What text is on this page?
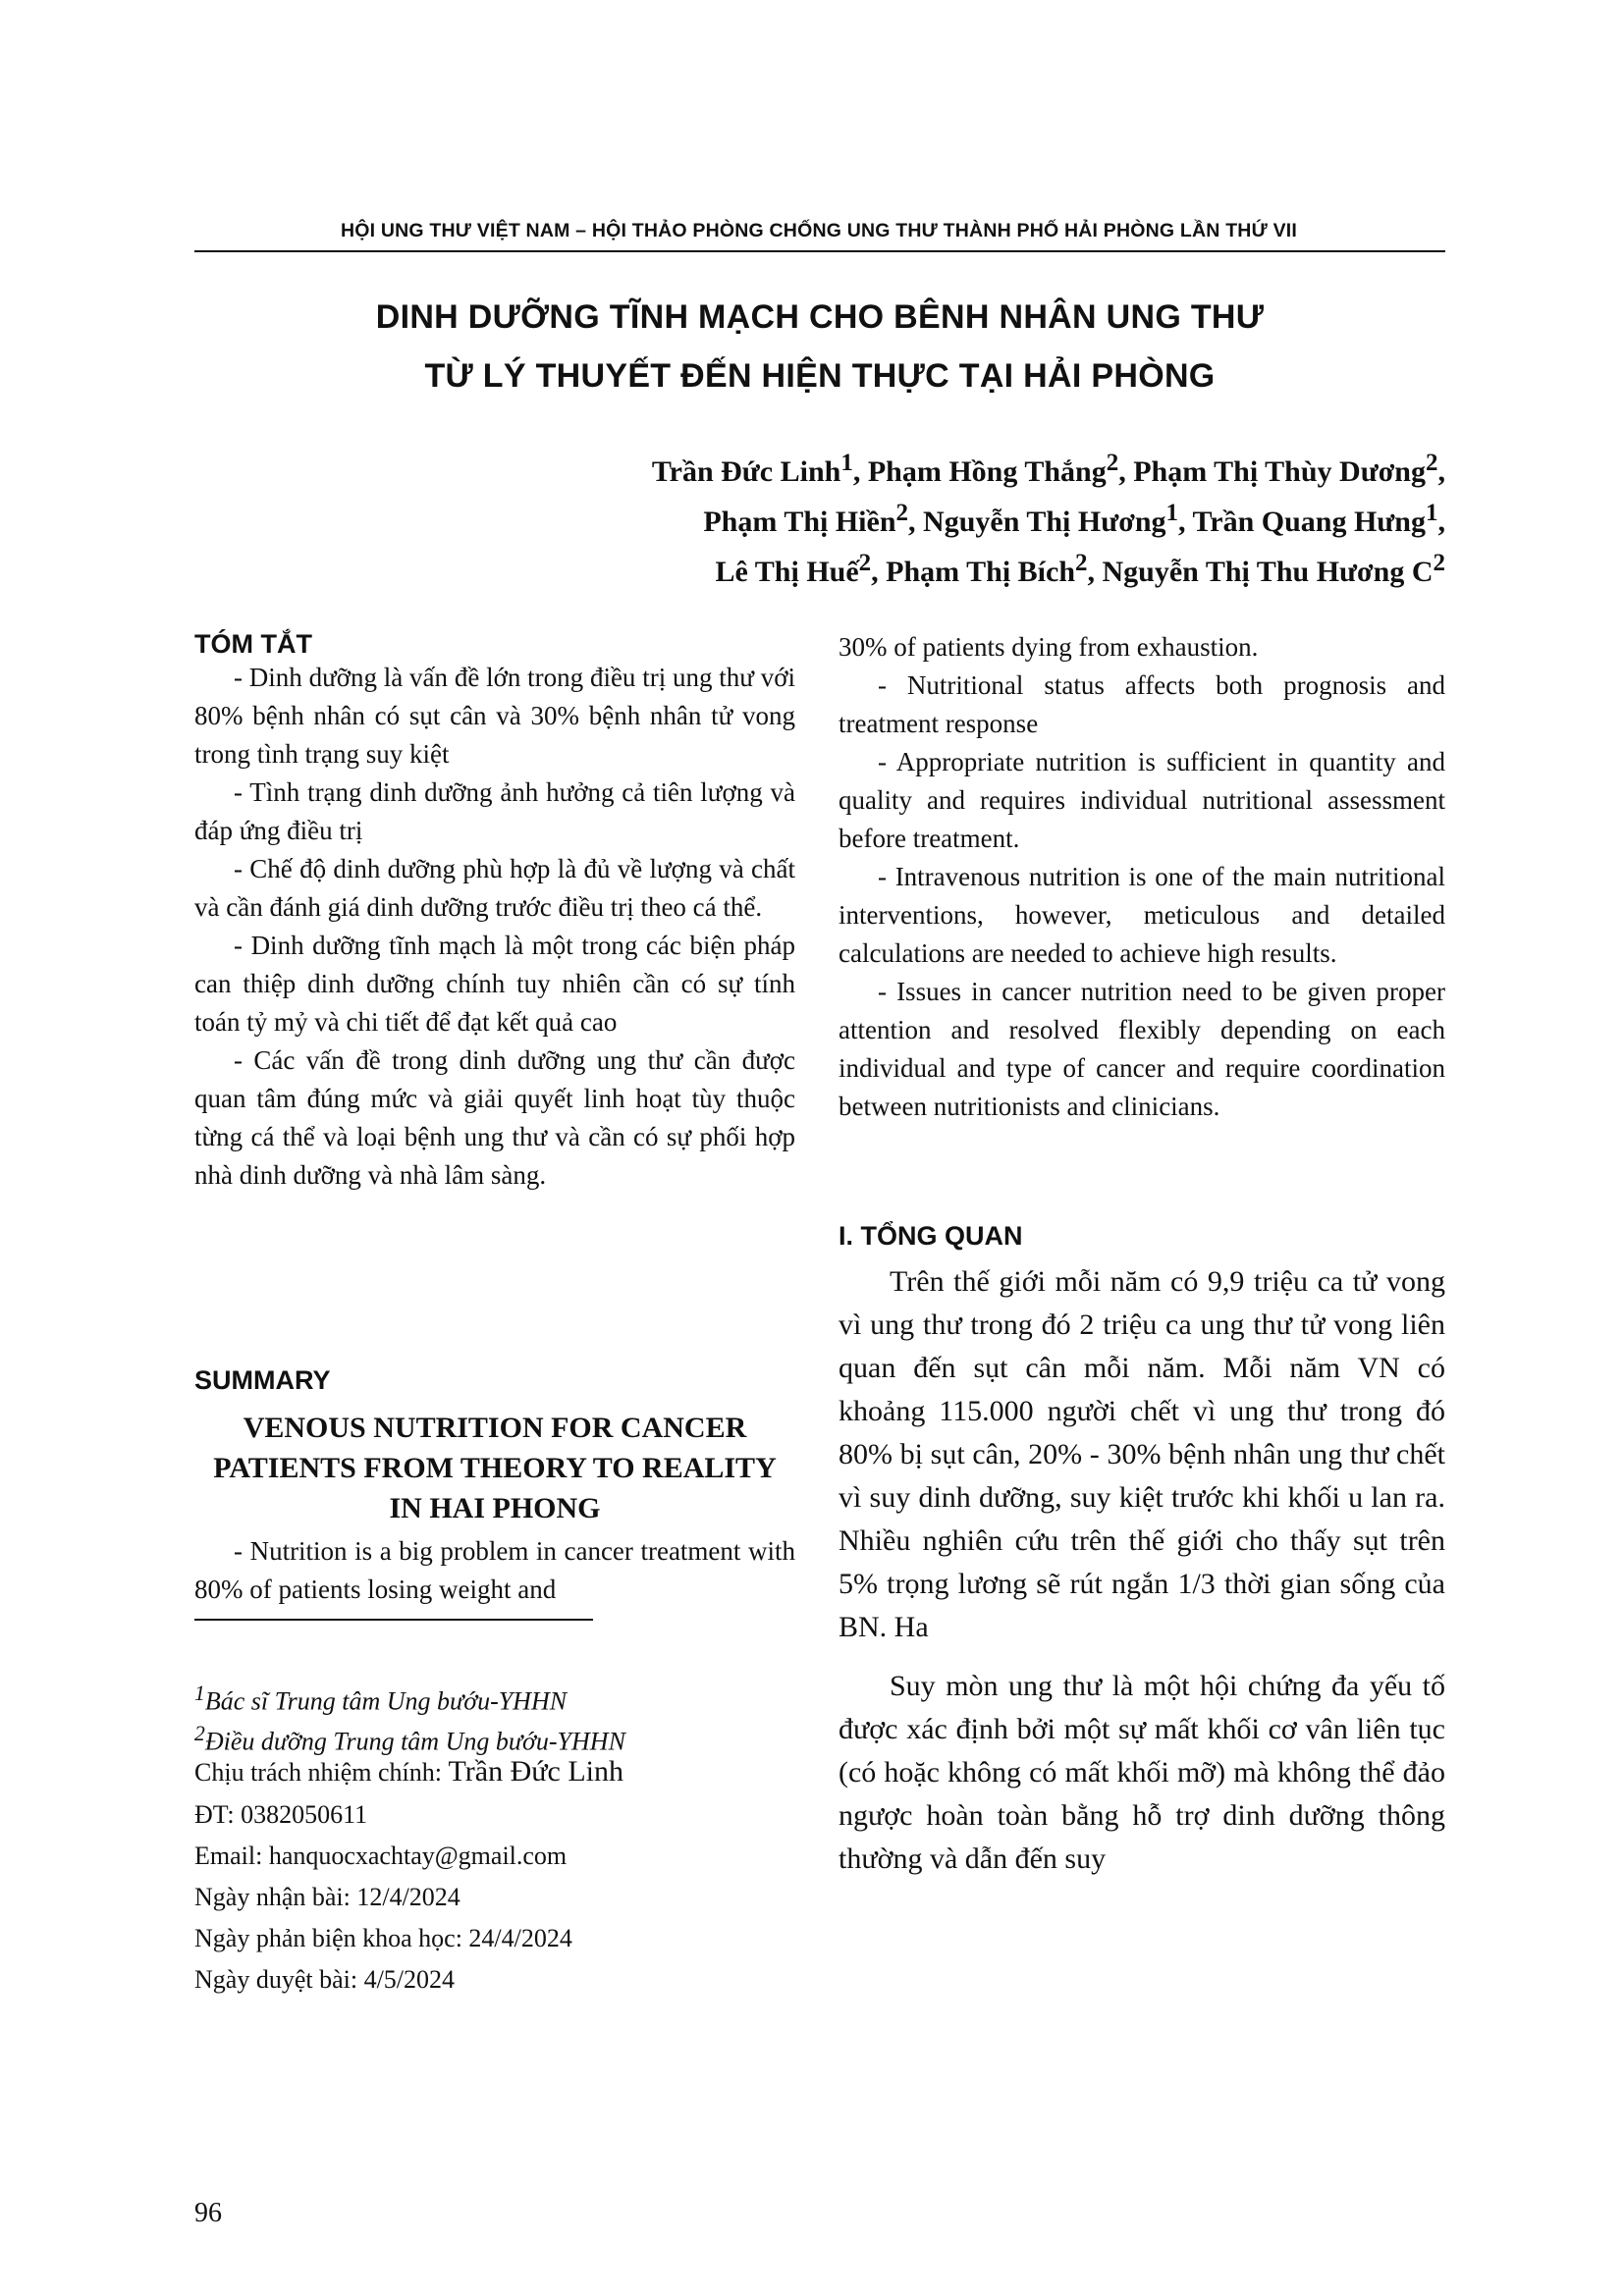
HỘI UNG THƯ VIỆT NAM – HỘI THẢO PHÒNG CHỐNG UNG THƯ THÀNH PHỐ HẢI PHÒNG LẦN THỨ VII
DINH DƯỠNG TĨNH MẠCH CHO BÊNH NHÂN UNG THƯ
TỪ LÝ THUYẾT ĐẾN HIỆN THỰC TẠI HẢI PHÒNG
Trần Đức Linh$^1$, Phạm Hồng Thắng$^2$, Phạm Thị Thùy Dương$^2$,
Phạm Thị Hiền$^2$, Nguyễn Thị Hương$^1$, Trần Quang Hưng$^1$,
Lê Thị Huế$^2$, Phạm Thị Bích$^2$, Nguyễn Thị Thu Hương $C^2$
TÓM TẮT

- Dinh dưỡng là vấn đề lớn trong điều trị ung thư với 80% bệnh nhân có sụt cân và 30% bệnh nhân tử vong trong tình trạng suy kiệt

- Tình trạng dinh dưỡng ảnh hưởng cả tiên lượng và đáp ứng điều trị

- Chế độ dinh dưỡng phù hợp là đủ về lượng và chất và cần đánh giá dinh dưỡng trước điều trị theo cá thể.

- Dinh dưỡng tĩnh mạch là một trong các biện pháp can thiệp dinh dưỡng chính tuy nhiên cần có sự tính toán tỷ mỷ và chi tiết để đạt kết quả cao

- Các vấn đề trong dinh dưỡng ung thư cần được quan tâm đúng mức và giải quyết linh hoạt tùy thuộc từng cá thể và loại bệnh ung thư và cần có sự phối hợp nhà dinh dưỡng và nhà lâm sàng.

SUMMARY
VENOUS NUTRITION FOR CANCER PATIENTS FROM THEORY TO REALITY IN HAI PHONG

- Nutrition is a big problem in cancer treatment with 80% of patients losing weight and

$^1$Bác sĩ Trung tâm Ung bướu-YHHN
$^2$Điều dưỡng Trung tâm Ung bướu-YHHN
Chịu trách nhiệm chính: Trần Đức Linh
ĐT: 0382050611
Email: hanquocxachtay@gmail.com
Ngày nhận bài: 12/4/2024
Ngày phản biện khoa học: 24/4/2024
Ngày duyệt bài: 4/5/2024

30% of patients dying from exhaustion.

- Nutritional status affects both prognosis and treatment response

- Appropriate nutrition is sufficient in quantity and quality and requires individual nutritional assessment before treatment.

- Intravenous nutrition is one of the main nutritional interventions, however, meticulous and detailed calculations are needed to achieve high results.

- Issues in cancer nutrition need to be given proper attention and resolved flexibly depending on each individual and type of cancer and require coordination between nutritionists and clinicians.

I. TỔNG QUAN

Trên thế giới mỗi năm có 9,9 triệu ca tử vong vì ung thư trong đó 2 triệu ca ung thư tử vong liên quan đến sụt cân mỗi năm. Mỗi năm VN có khoảng 115.000 người chết vì ung thư trong đó 80% bị sụt cân, 20% - 30% bệnh nhân ung thư chết vì suy dinh dưỡng, suy kiệt trước khi khối u lan ra. Nhiều nghiên cứu trên thế giới cho thấy sụt trên 5% trọng lương sẽ rút ngắn 1/3 thời gian sống của BN. Ha

Suy mòn ung thư là một hội chứng đa yếu tố được xác định bởi một sự mất khối cơ vân liên tục (có hoặc không có mất khối mỡ) mà không thể đảo ngược hoàn toàn bằng hỗ trợ dinh dưỡng thông thường và dẫn đến suy

96
